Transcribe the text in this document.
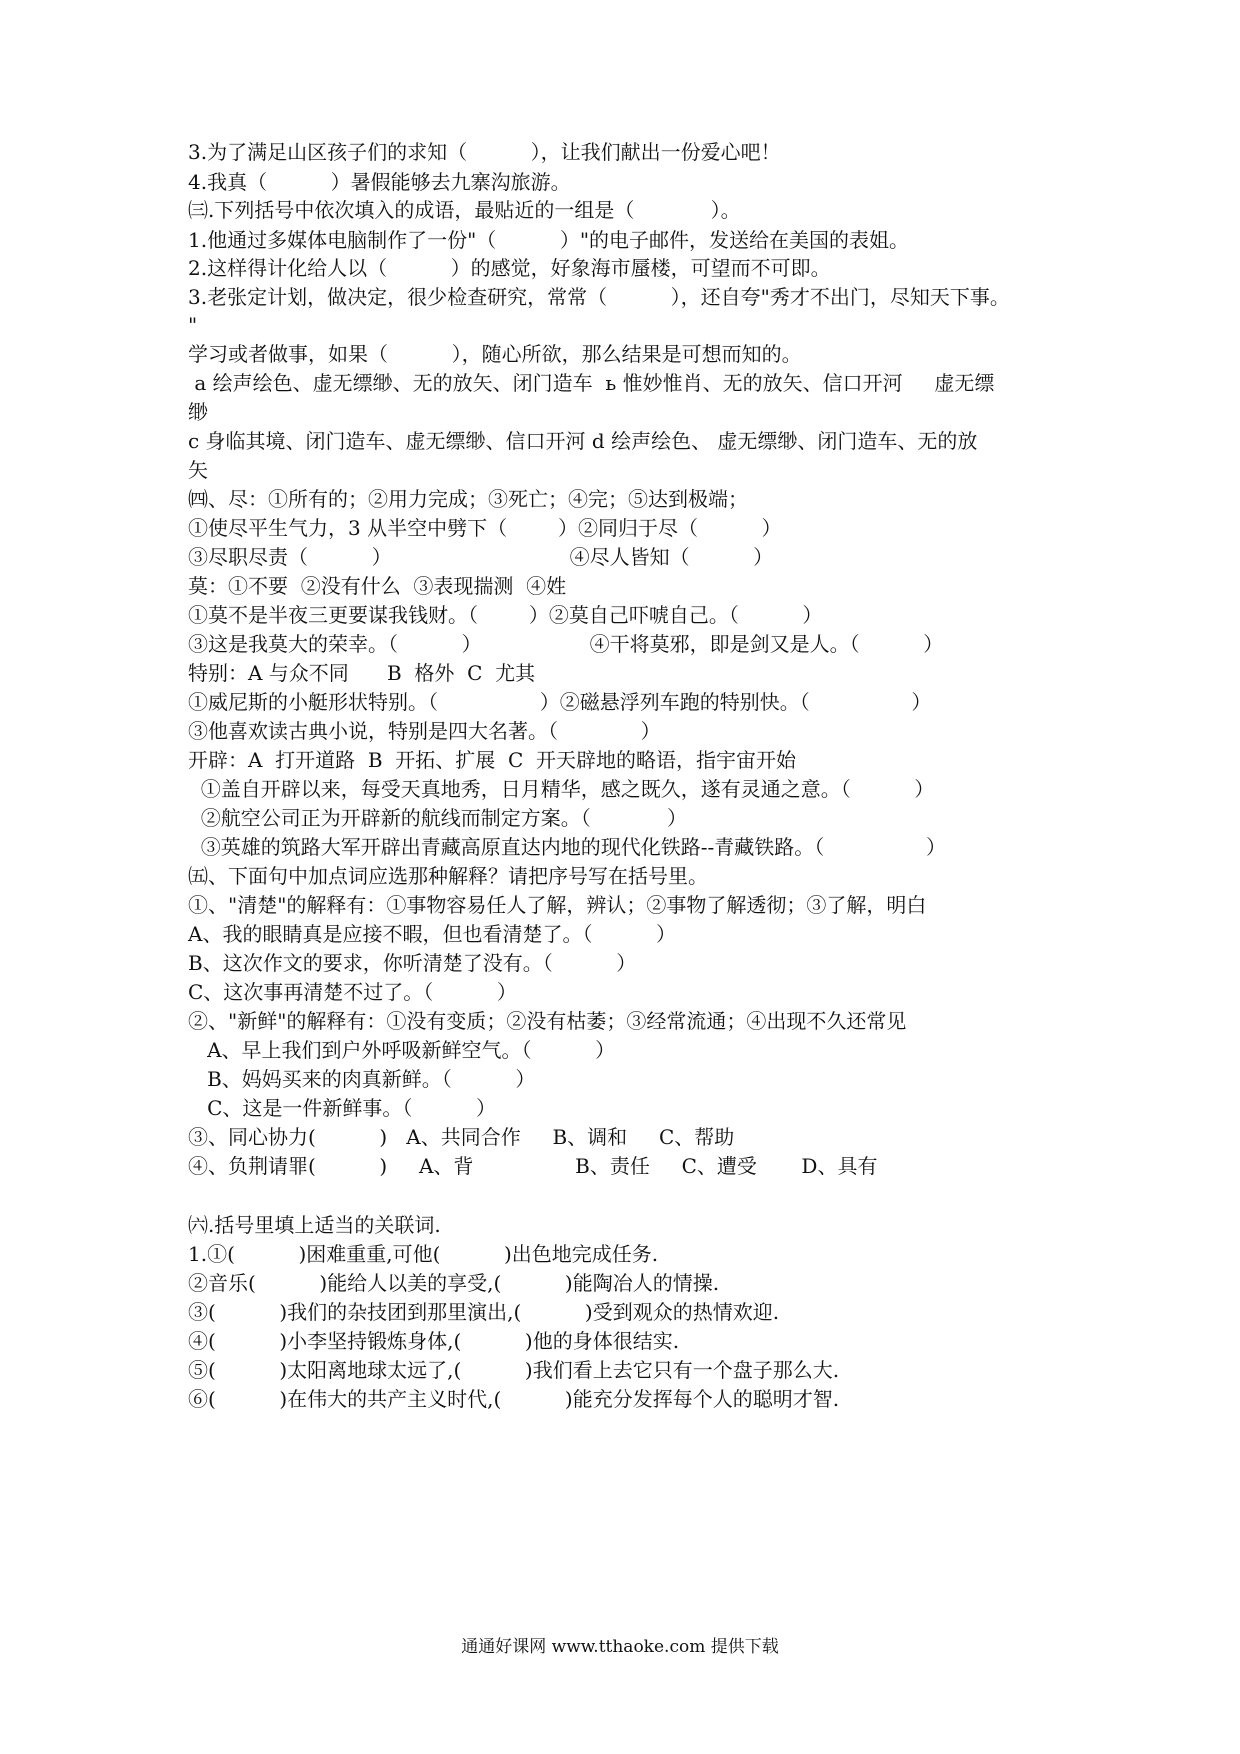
3.为了满足山区孩子们的求知（          ），让我们献出一份爱心吧！
4.我真（          ）暑假能够去九寨沟旅游。
㈢.下列括号中依次填入的成语，最贴近的一组是（            ）。
1.他通过多媒体电脑制作了一份"（          ）"的电子邮件，发送给在美国的表姐。
2.这样得计化给人以（          ）的感觉，好象海市蜃楼，可望而不可即。
3.老张定计划，做决定，很少检查研究，常常（          ），还自夸"秀才不出门，尽知天下事。
"
学习或者做事，如果（          ），随心所欲，那么结果是可想而知的。
a 绘声绘色、虚无缥缈、无的放矢、闭门造车  ь 惟妙惟肖、无的放矢、信口开河     虚无缥
缈
c 身临其境、闭门造车、虚无缥缈、信口开河 d 绘声绘色、 虚无缥缈、闭门造车、无的放
矢
㈣、尽：①所有的；②用力完成；③死亡；④完；⑤达到极端；
①使尽平生气力，3 从半空中劈下（        ）②同归于尽（          ）
③尽职尽责（          ）                            ④尽人皆知（          ）
莫：①不要  ②没有什么  ③表现揣测  ④姓
①莫不是半夜三更要谋我钱财。（        ）②莫自己吓唬自己。（          ）
③这是我莫大的荣幸。（          ）                 ④干将莫邪，即是剑又是人。（          ）
特别：A 与众不同      B  格外  C  尤其
①威尼斯的小艇形状特别。（                ）②磁悬浮列车跑的特别快。（                ）
③他喜欢读古典小说，特别是四大名著。（             ）
开辟：A  打开道路  B  开拓、扩展  C  开天辟地的略语，指宇宙开始
①盖自开辟以来，每受天真地秀，日月精华，感之既久，遂有灵通之意。（          ）
②航空公司正为开辟新的航线而制定方案。（            ）
③英雄的筑路大军开辟出青藏高原直达内地的现代化铁路--青藏铁路。（                ）
㈤、下面句中加点词应选那种解释？请把序号写在括号里。
①、"清楚"的解释有：①事物容易任人了解，辨认；②事物了解透彻；③了解，明白
A、我的眼睛真是应接不暇，但也看清楚了。（          ）
B、这次作文的要求，你听清楚了没有。（          ）
C、这次事再清楚不过了。（          ）
②、"新鲜"的解释有：①没有变质；②没有枯萎；③经常流通；④出现不久还常见
A、早上我们到户外呼吸新鲜空气。（          ）
B、妈妈买来的肉真新鲜。（          ）
C、这是一件新鲜事。（          ）
③、同心协力(          )   A、共同合作     B、调和     C、帮助
④、负荆请罪(          )     A、背                B、责任     C、遭受       D、具有
㈥.括号里填上适当的关联词.
1.①(          )困难重重,可他(          )出色地完成任务.
②音乐(          )能给人以美的享受,(          )能陶冶人的情操.
③(          )我们的杂技团到那里演出,(          )受到观众的热情欢迎.
④(          )小李坚持锻炼身体,(          )他的身体很结实.
⑤(          )太阳离地球太远了,(          )我们看上去它只有一个盘子那么大.
⑥(          )在伟大的共产主义时代,(          )能充分发挥每个人的聪明才智.
通通好课网 www.tthaoke.com 提供下载
